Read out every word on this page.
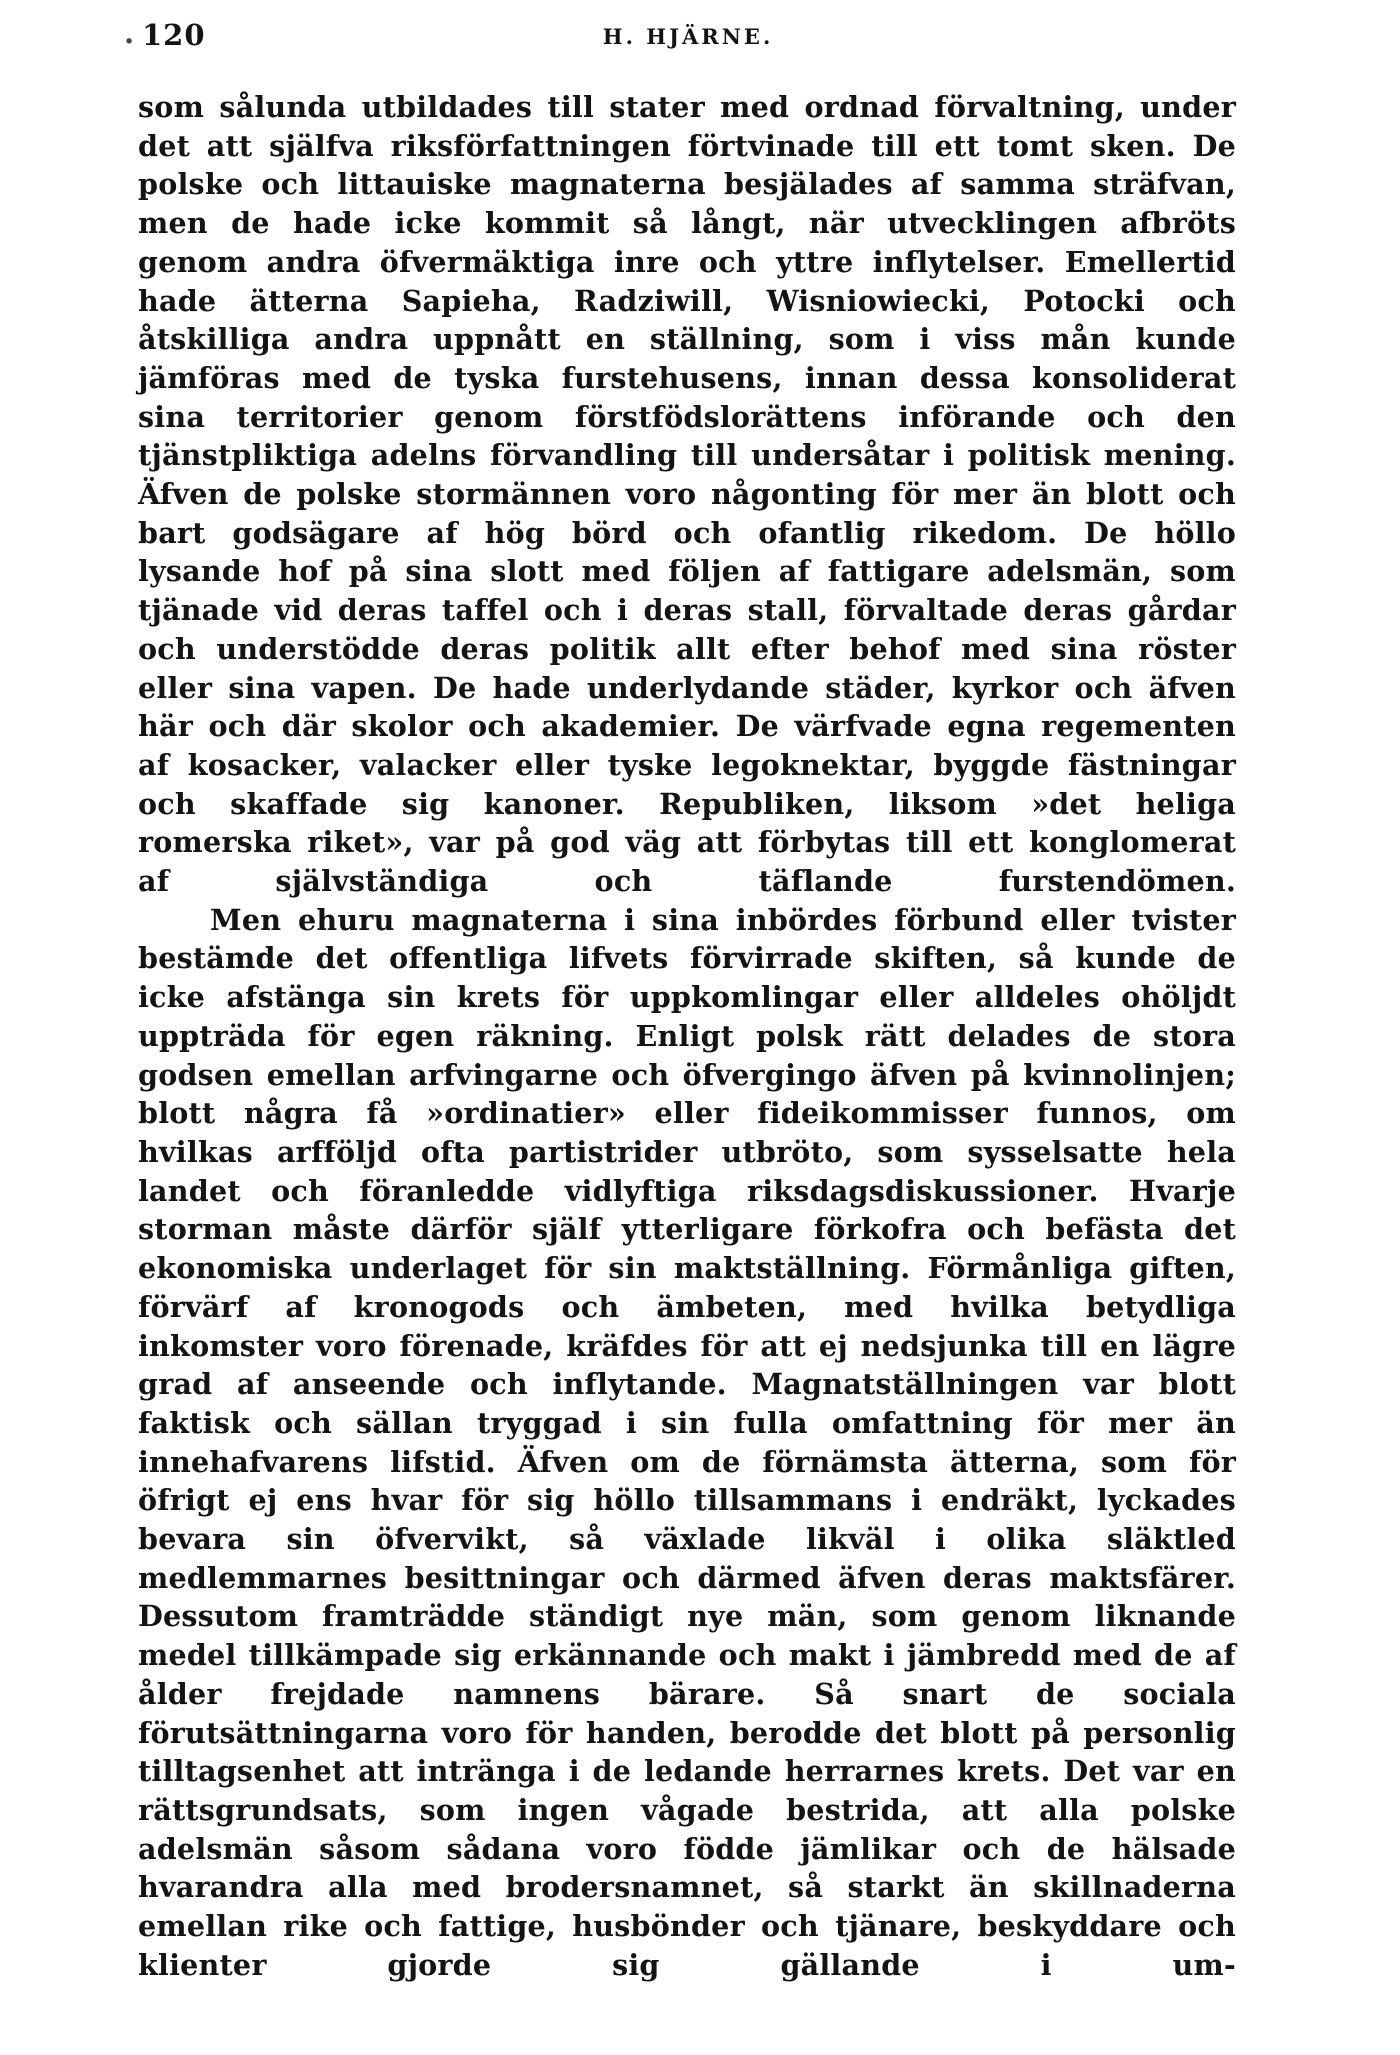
. 120	H. HJÄRNE.

som sålunda utbildades till stater med ordnad förvaltning, under det att själfva riksförfattningen förtvinade till ett tomt sken. De polske och littauiske magnaterna besjälades af samma sträfvan, men de hade icke kommit så långt, när utvecklingen afbröts genom andra öfvermäktiga inre och yttre inflytelser. Emellertid hade ätterna Sapieha, Radziwill, Wisniowiecki, Potocki och åtskilliga andra uppnått en ställning, som i viss mån kunde jämföras med de tyska furstehusens, innan dessa konsoliderat sina territorier genom förstfödslorättens införande och den tjänstpliktiga adelns förvandling till undersåtar i politisk mening. Äfven de polske stormännen voro någonting för mer än blott och bart godsägare af hög börd och ofantlig rikedom. De höllo lysande hof på sina slott med följen af fattigare adelsmän, som tjänade vid deras taffel och i deras stall, förvaltade deras gårdar och understödde deras politik allt efter behof med sina röster eller sina vapen. De hade underlydande städer, kyrkor och äfven här och där skolor och akademier. De värfvade egna regementen af kosacker, valacker eller tyske legoknektar, byggde fästningar och skaffade sig kanoner. Republiken, liksom »det heliga romerska riket», var på god väg att förbytas till ett konglomerat af självständiga och täflande furstendömen.

Men ehuru magnaterna i sina inbördes förbund eller tvister bestämde det offentliga lifvets förvirrade skiften, så kunde de icke afstänga sin krets för uppkomlingar eller alldeles ohöljdt uppträda för egen räkning. Enligt polsk rätt delades de stora godsen emellan arfvingarne och öfvergingo äfven på kvinnolinjen; blott några få »ordinatier» eller fideikommisser funnos, om hvilkas arfföljd ofta partistrider utbröto, som sysselsatte hela landet och föranledde vidlyftiga riksdagsdiskussioner. Hvarje storman måste därför själf ytterligare förkofra och befästa det ekonomiska underlaget för sin maktställning. Förmånliga giften, förvärf af kronogods och ämbeten, med hvilka betydliga inkomster voro förenade, kräfdes för att ej nedsjunka till en lägre grad af anseende och inflytande. Magnatställningen var blott faktisk och sällan tryggad i sin fulla omfattning för mer än innehafvarens lifstid. Äfven om de förnämsta ätterna, som för öfrigt ej ens hvar för sig höllo tillsammans i endräkt, lyckades bevara sin öfvervikt, så växlade likväl i olika släktled medlemmarnes besittningar och därmed äfven deras maktsfärer. Dessutom framträdde ständigt nye män, som genom liknande medel tillkämpade sig erkännande och makt i jämbredd med de af ålder frejdade namnens bärare. Så snart de sociala förutsättningarna voro för handen, berodde det blott på personlig tilltagsenhet att intränga i de ledande herrarnes krets. Det var en rättsgrundsats, som ingen vågade bestrida, att alla polske adelsmän såsom sådana voro födde jämlikar och de hälsade hvarandra alla med brodersnamnet, så starkt än skillnaderna emellan rike och fattige, husbönder och tjänare, beskyddare och klienter gjorde sig gällande i um-
